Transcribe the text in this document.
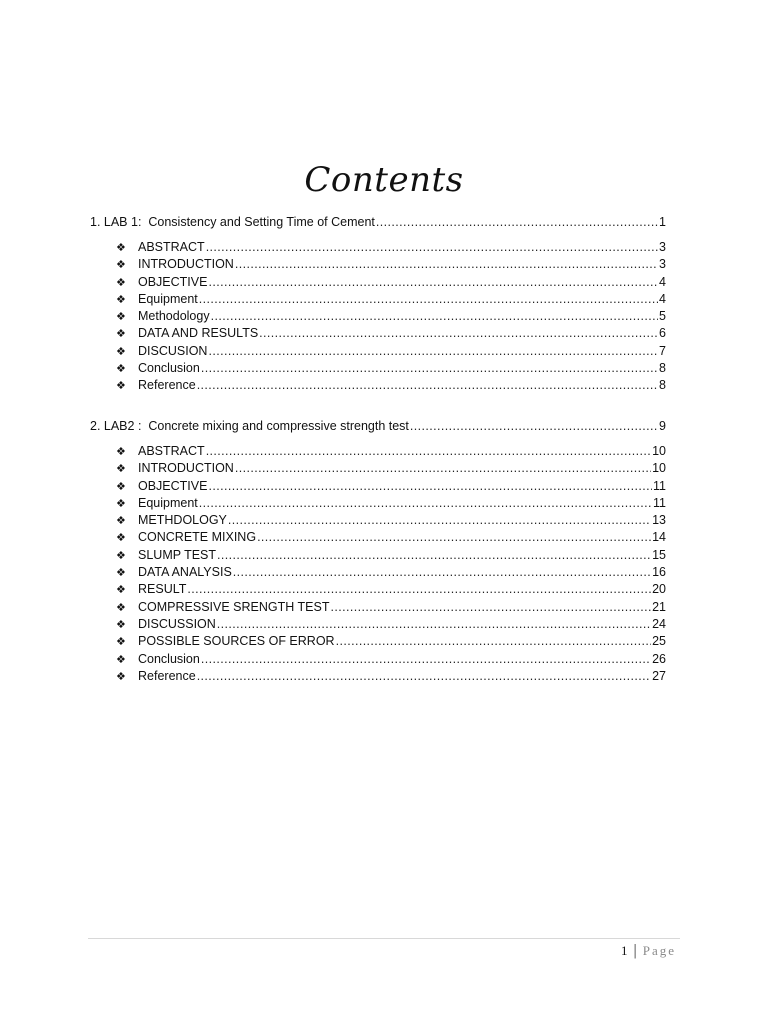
Contents
1. LAB 1:  Consistency and Setting Time of Cement .....	1
❖ ABSTRACT .....	3
❖ INTRODUCTION .....	3
❖ OBJECTIVE .....	4
❖ Equipment .....	4
❖ Methodology .....	5
❖ DATA AND RESULTS .....	6
❖ DISCUSION .....	7
❖ Conclusion .....	8
❖ Reference .....	8
2. LAB2 :  Concrete mixing and compressive strength test .....	9
❖ ABSTRACT .....	10
❖ INTRODUCTION .....	10
❖ OBJECTIVE .....	11
❖ Equipment .....	11
❖ METHDOLOGY .....	13
❖ CONCRETE MIXING .....	14
❖ SLUMP TEST .....	15
❖ DATA ANALYSIS .....	16
❖ RESULT .....	20
❖ COMPRESSIVE SRENGTH TEST .....	21
❖ DISCUSSION .....	24
❖ POSSIBLE SOURCES OF ERROR .....	25
❖ Conclusion .....	26
❖ Reference .....	27
1 | Page
